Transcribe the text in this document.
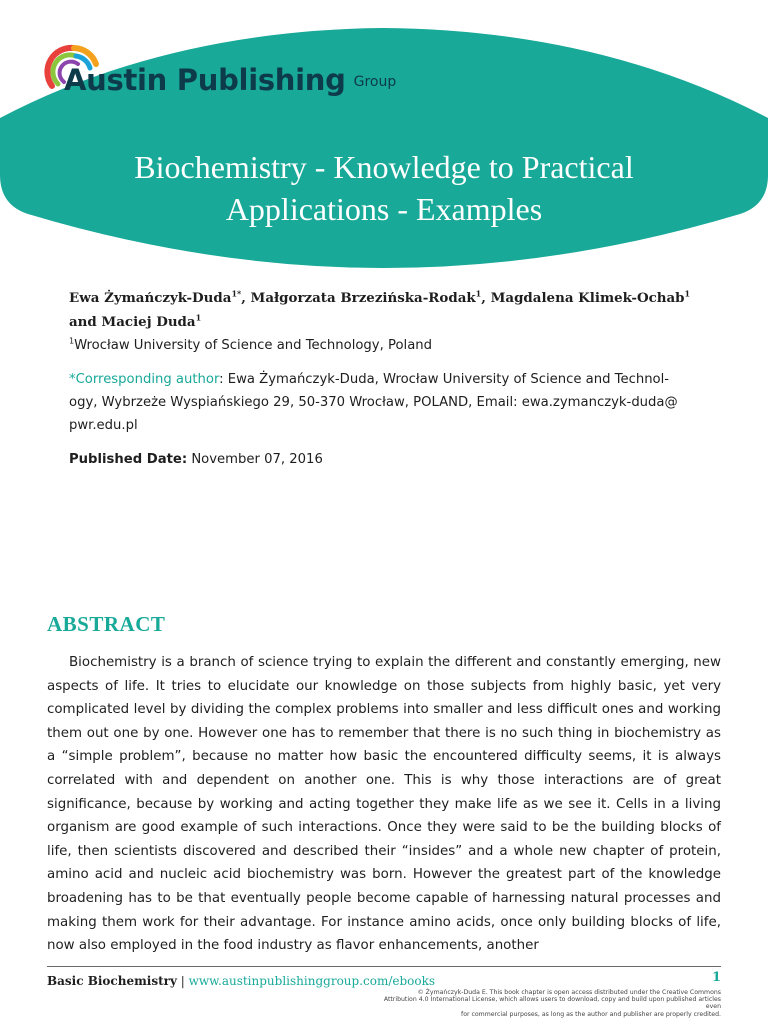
Austin Publishing Group
Biochemistry - Knowledge to Practical
Applications - Examples
Ewa Żymańczyk-Duda$^{1*}$, Małgorzata Brzezińska-Rodak$^1$, Magdalena Klimek-Ochab$^1$
and Maciej Duda$^1$
$^1$Wrocław University of Science and Technology, Poland
*Corresponding author: Ewa Żymańczyk-Duda, Wrocław University of Science and Technol-
ogy, Wybrzeże Wyspiańskiego 29, 50-370 Wrocław, POLAND, Email: ewa.zymanczyk-duda@
pwr.edu.pl
Published Date: November 07, 2016
ABSTRACT
Biochemistry is a branch of science trying to explain the different and constantly emerging, new aspects of life. It tries to elucidate our knowledge on those subjects from highly basic, yet very complicated level by dividing the complex problems into smaller and less difficult ones and working them out one by one. However one has to remember that there is no such thing in biochemistry as a “simple problem”, because no matter how basic the encountered difficulty seems, it is always correlated with and dependent on another one. This is why those interactions are of great significance, because by working and acting together they make life as we see it. Cells in a living organism are good example of such interactions. Once they were said to be the building blocks of life, then scientists discovered and described their “insides” and a whole new chapter of protein, amino acid and nucleic acid biochemistry was born. However the greatest part of the knowledge broadening has to be that eventually people become capable of harnessing natural processes and making them work for their advantage. For instance amino acids, once only building blocks of life, now also employed in the food industry as flavor enhancements, another
Basic Biochemistry | www.austinpublishinggroup.com/ebooks	1
© Żymańczyk-Duda E. This book chapter is open access distributed under the Creative Commons
Attribution 4.0 International License, which allows users to download, copy and build upon published articles even
for commercial purposes, as long as the author and publisher are properly credited.
